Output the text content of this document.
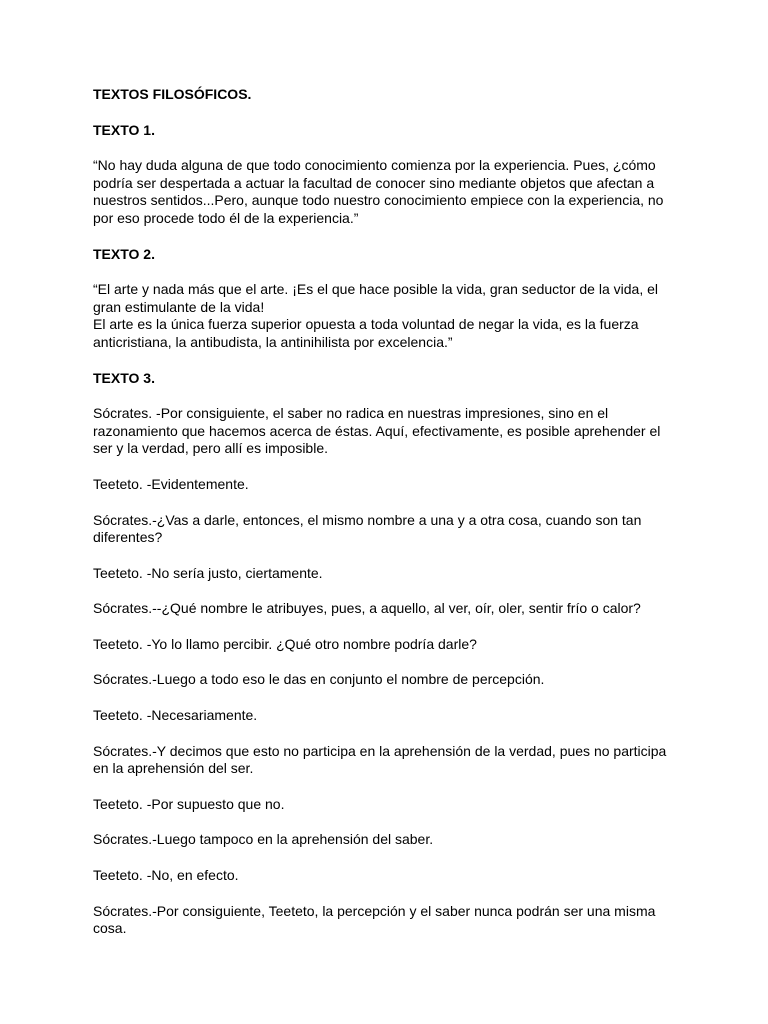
TEXTOS FILOSÓFICOS.
TEXTO 1.
“No hay duda alguna de que todo conocimiento comienza por la experiencia. Pues, ¿cómo
podría ser despertada a actuar la facultad de conocer sino mediante objetos que afectan a
nuestros sentidos...Pero, aunque todo nuestro conocimiento empiece con la experiencia, no
por eso procede todo él de la experiencia.”
TEXTO 2.
“El arte y nada más que el arte. ¡Es el que hace posible la vida, gran seductor de la vida, el
gran estimulante de la vida!
El arte es la única fuerza superior opuesta a toda voluntad de negar la vida, es la fuerza
anticristiana, la antibudista, la antinihilista por excelencia.”
TEXTO 3.
Sócrates. -Por consiguiente, el saber no radica en nuestras impresiones, sino en el
razonamiento que hacemos acerca de éstas. Aquí, efectivamente, es posible aprehender el
ser y la verdad, pero allí es imposible.
Teeteto. -Evidentemente.
Sócrates.-¿Vas a darle, entonces, el mismo nombre a una y a otra cosa, cuando son tan
diferentes?
Teeteto. -No sería justo, ciertamente.
Sócrates.--¿Qué nombre le atribuyes, pues, a aquello, al ver, oír, oler, sentir frío o calor?
Teeteto. -Yo lo llamo percibir. ¿Qué otro nombre podría darle?
Sócrates.-Luego a todo eso le das en conjunto el nombre de percepción.
Teeteto. -Necesariamente.
Sócrates.-Y decimos que esto no participa en la aprehensión de la verdad, pues no participa
en la aprehensión del ser.
Teeteto. -Por supuesto que no.
Sócrates.-Luego tampoco en la aprehensión del saber.
Teeteto. -No, en efecto.
Sócrates.-Por consiguiente, Teeteto, la percepción y el saber nunca podrán ser una misma
cosa.
